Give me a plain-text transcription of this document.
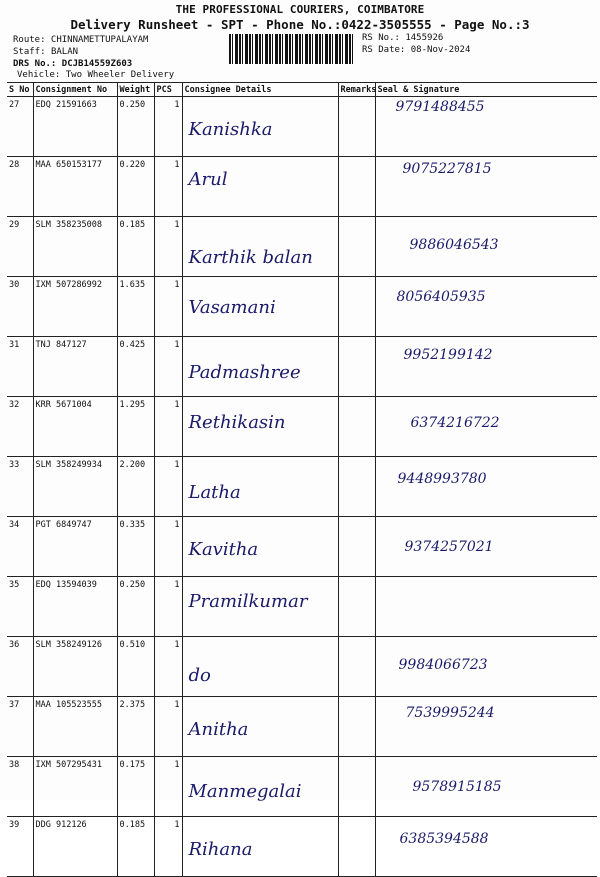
THE PROFESSIONAL COURIERS, COIMBATORE
Delivery Runsheet - SPT - Phone No.:0422-3505555 - Page No.:3
Route: CHINNAMETTUPALAYAM
Staff: BALAN
DRS No.: DCJB14559Z603
Vehicle: Two Wheeler Delivery
RS No.: 1455926
RS Date: 08-Nov-2024
S No	Consignment No	Weight	PCS	Consignee Details	Remarks	Seal & Signature
27	EDQ 21591663	0.250	1	Kanishka		9791488455

28	MAA 650153177	0.220	1	Arul		9075227815

29	SLM 358235008	0.185	1	Karthik balan		9886046543

30	IXM 507286992	1.635	1	Vasamani		8056405935

31	TNJ 847127	0.425	1	Padmashree		9952199142

32	KRR 5671004	1.295	1	Rethikasin		6374216722

33	SLM 358249934	2.200	1	Latha		9448993780

34	PGT 6849747	0.335	1	Kavitha		9374257021

35	EDQ 13594039	0.250	1	Pramilkumar		

36	SLM 358249126	0.510	1	do		9984066723

37	MAA 105523555	2.375	1	Anitha		7539995244

38	IXM 507295431	0.175	1	Manmegalai		9578915185

39	DDG 912126	0.185	1	Rihana		6385394588
